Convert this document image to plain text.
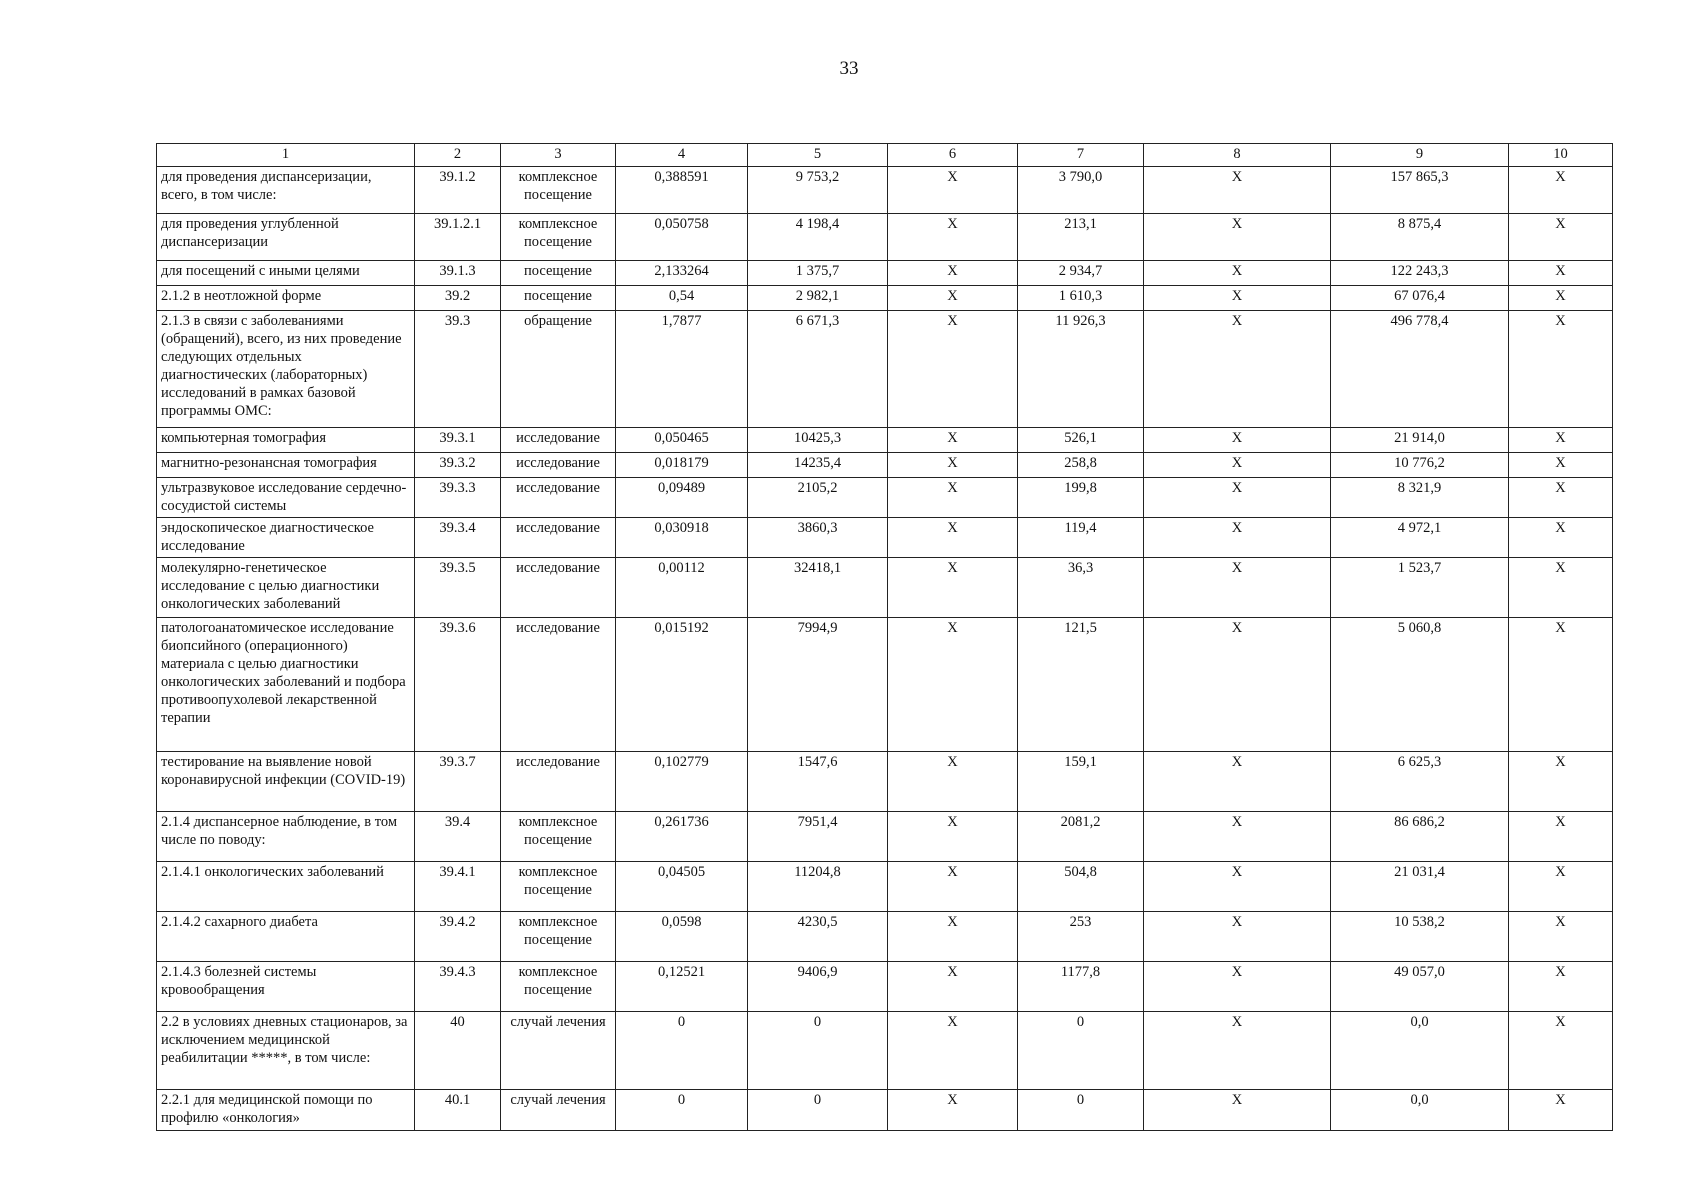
33
1	2	3	4	5	6	7	8	9	10
для проведения диспансеризации, всего, в том числе:	39.1.2	комплексное посещение	0,388591	9 753,2	X	3 790,0	X	157 865,3	X
для проведения углубленной диспансеризации	39.1.2.1	комплексное посещение	0,050758	4 198,4	X	213,1	X	8 875,4	X
для посещений с иными целями	39.1.3	посещение	2,133264	1 375,7	X	2 934,7	X	122 243,3	X
2.1.2 в неотложной форме	39.2	посещение	0,54	2 982,1	X	1 610,3	X	67 076,4	X
2.1.3 в связи с заболеваниями (обращений), всего, из них проведение следующих отдельных диагностических (лабораторных) исследований в рамках базовой программы ОМС:	39.3	обращение	1,7877	6 671,3	X	11 926,3	X	496 778,4	X
компьютерная томография	39.3.1	исследование	0,050465	10425,3	X	526,1	X	21 914,0	X
магнитно-резонансная томография	39.3.2	исследование	0,018179	14235,4	X	258,8	X	10 776,2	X
ультразвуковое исследование сердечно-сосудистой системы	39.3.3	исследование	0,09489	2105,2	X	199,8	X	8 321,9	X
эндоскопическое диагностическое исследование	39.3.4	исследование	0,030918	3860,3	X	119,4	X	4 972,1	X
молекулярно-генетическое исследование с целью диагностики онкологических заболеваний	39.3.5	исследование	0,00112	32418,1	X	36,3	X	1 523,7	X
патологоанатомическое исследование биопсийного (операционного) материала с целью диагностики онкологических заболеваний и подбора противоопухолевой лекарственной терапии	39.3.6	исследование	0,015192	7994,9	X	121,5	X	5 060,8	X
тестирование на выявление новой коронавирусной инфекции (COVID-19)	39.3.7	исследование	0,102779	1547,6	X	159,1	X	6 625,3	X
2.1.4 диспансерное наблюдение, в том числе по поводу:	39.4	комплексное посещение	0,261736	7951,4	X	2081,2	X	86 686,2	X
2.1.4.1 онкологических заболеваний	39.4.1	комплексное посещение	0,04505	11204,8	X	504,8	X	21 031,4	X
2.1.4.2 сахарного диабета	39.4.2	комплексное посещение	0,0598	4230,5	X	253	X	10 538,2	X
2.1.4.3 болезней системы кровообращения	39.4.3	комплексное посещение	0,12521	9406,9	X	1177,8	X	49 057,0	X
2.2 в условиях дневных стационаров, за исключением медицинской реабилитации *****, в том числе:	40	случай лечения	0	0	X	0	X	0,0	X
2.2.1 для медицинской помощи по профилю «онкология»	40.1	случай лечения	0	0	X	0	X	0,0	X
